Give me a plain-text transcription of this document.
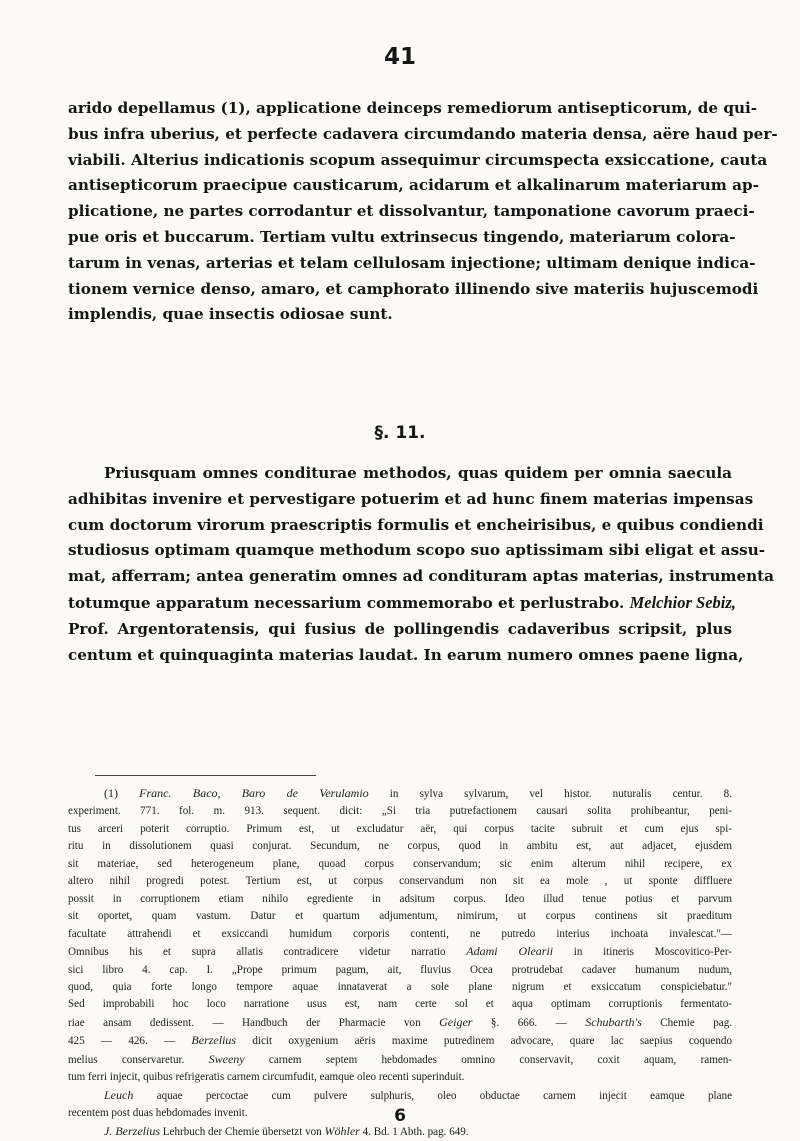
41
arido depellamus (1), applicatione deinceps remediorum antisepticorum, de qui-
bus infra uberius, et perfecte cadavera circumdando materia densa, aëre haud per-
viabili. Alterius indicationis scopum assequimur circumspecta exsiccatione, cauta
antisepticorum praecipue causticarum, acidarum et alkalinarum materiarum ap-
plicatione, ne partes corrodantur et dissolvantur, tamponatione cavorum praeci-
pue oris et buccarum. Tertiam vultu extrinsecus tingendo, materiarum colora-
tarum in venas, arterias et telam cellulosam injectione; ultimam denique indica-
tionem vernice denso, amaro, et camphorato illinendo sive materiis hujuscemodi
implendis, quae insectis odiosae sunt.
§. 11.
Priusquam omnes conditurae methodos, quas quidem per omnia saecula
adhibitas invenire et pervestigare potuerim et ad hunc finem materias impensas
cum doctorum virorum praescriptis formulis et encheirisibus, e quibus condiendi
studiosus optimam quamque methodum scopo suo aptissimam sibi eligat et assu-
mat, afferram; antea generatim omnes ad condituram aptas materias, instrumenta
totumque apparatum necessarium commemorabo et perlustrabo. Melchior Sebiz,
Prof. Argentoratensis, qui fusius de pollingendis cadaveribus scripsit, plus
centum et quinquaginta materias laudat. In earum numero omnes paene ligna,
(1) Franc. Baco, Baro de Verulamio in sylva sylvarum, vel histor. nuturalis centur. 8.
experiment. 771. fol. m. 913. sequent. dicit: „Si tria putrefactionem causari solita prohibeantur, peni-
tus arceri poterit corruptio. Primum est, ut excludatur aër, qui corpus tacite subruit et cum ejus spi-
ritu in dissolutionem quasi conjurat. Secundum, ne corpus, quod in ambitu est, aut adjacet, ejusdem
sit materiae, sed heterogeneum plane, quoad corpus conservandum; sic enim alterum nihil recipere, ex
altero nihil progredi potest. Tertium est, ut corpus conservandum non sit ea mole , ut sponte diffluere
possit in corruptionem etiam nihilo egrediente in adsitum corpus. Ideo illud tenue potius et parvum
sit oportet, quam vastum. Datur et quartum adjumentum, nimirum, ut corpus continens sit praeditum
facultate attrahendi et exsiccandi humidum corporis contenti, ne putredo interius inchoata invalescat."—
Omnibus his et supra allatis contradicere videtur narratio Adami Olearii in itineris Moscovitico-Per-
sici libro 4. cap. I. „Prope primum pagum, ait, fluvius Ocea protrudebat cadaver humanum nudum,
quod, quia forte longo tempore aquae innataverat a sole plane nigrum et exsiccatum conspiciebatur."
Sed improbabili hoc loco narratione usus est, nam certe sol et aqua optimam corruptionis fermentato-
riae ansam dedissent. — Handbuch der Pharmacie von Geiger §. 666. — Schubarth's Chemie pag.
425 — 426. — Berzelius dicit oxygenium aëris maxime putredinem advocare, quare lac saepius coquendo
melius conservaretur. Sweeny carnem septem hebdomades omnino conservavit, coxit aquam, ramen-
tum ferri injecit, quibus refrigeratis carnem circumfudit, eamque oleo recenti superinduit.
Leuch aquae percoctae cum pulvere sulphuris, oleo obductae carnem injecit eamque plane
recentem post duas hebdomades invenit.
J. Berzelius Lehrbuch der Chemie übersetzt von Wöhler 4. Bd. 1 Abth. pag. 649.
6
